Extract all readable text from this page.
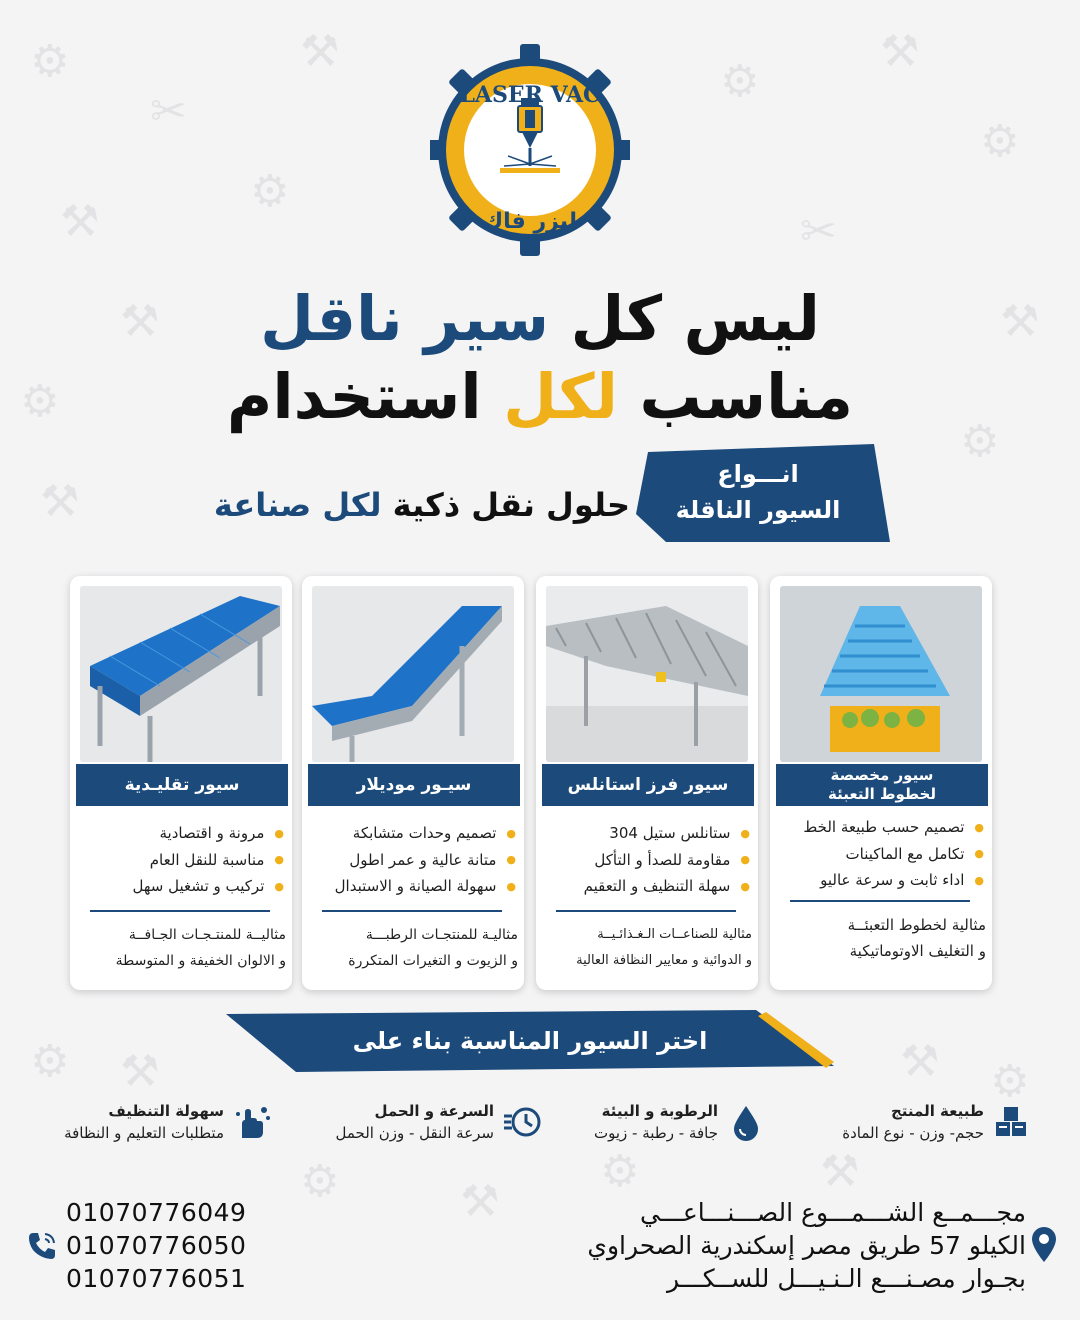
⚙
✂
⚒
⚙
⚒
⚙
⚒
⚙
✂
⚒
⚙
⚒
⚙
⚒
⚙ ⚒	⚒ ⚙
⚙	⚒
⚙	⚒
LASER VAC
ليزر فاك
ليس كل سير ناقل
مناسب لكل استخدام
انـــواع
السيور الناقلة
حلول نقل ذكية لكل صناعة
سيور تقليـدية
● مرونة و اقتصادية
● مناسبة للنقل العام
● تركيب و تشغيل سهل
مثاليــة للمنتـجـات الجـافــة
و الالوان الخفيفة و المتوسطة
سيـور موديلار
● تصميم وحدات متشابكة
● متانة عالية و عمر اطول
● سهولة الصيانة و الاستبدال
مثاليـة للمنتجـات الرطبـــة
و الزيوت و التغيرات المتكررة
سيور فرز استانلس
● ستانلس ستيل 304
● مقاومة للصدأ و التأكل
● سهلة التنظيف و التعقيم
مثالية للصناعــات الـغـذائـيــة
و الدوائية و معايير النظافة العالية
سيور مخصصة
لخطوط التعبئة
● تصميم حسب طبيعة الخط
● تكامل مع الماكينات
● اداء ثابت و سرعة عاليو
مثالية لخطوط التعبئــة
و التغليف الاوتوماتيكية
اختر السيور المناسبة بناء على
طبيعة المنتج
حجم- وزن - نوع المادة
الرطوبة و البيئة
جافة - رطبة - زيوت
السرعة و الحمل
سرعة النقل - وزن الحمل
سهولة التنظيف
متطلبات التعليم و النظافة
01070776049
01070776050
01070776051
مجـــمــع الشـــمـــوع الصـــنـــاعـــي
الكيلو 57 طريق مصر إسكندرية الصحراوي
بجـوار مصـنـــع الـنـيـــل للســكـــر
